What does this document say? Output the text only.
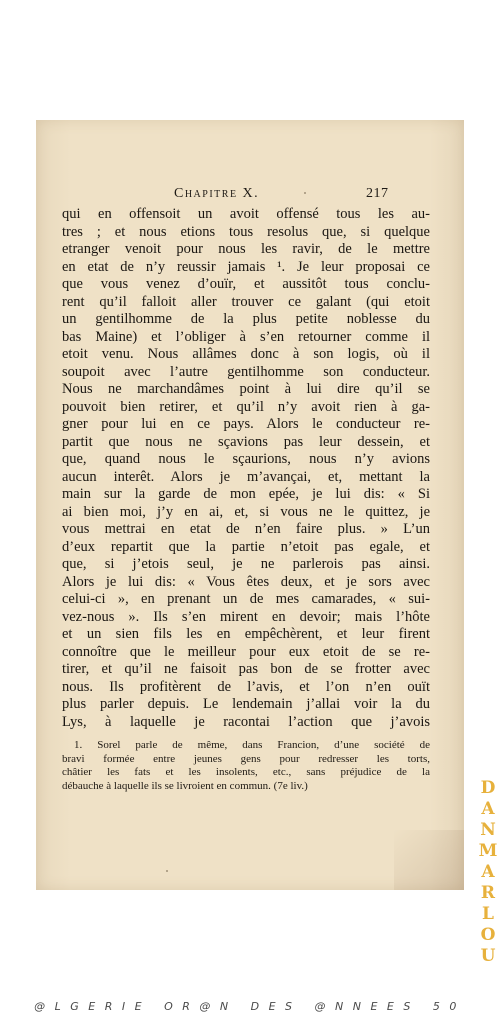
Chapitre X.	217
qui en offensoit un avoit offensé tous les au-
tres ; et nous etions tous resolus que, si quelque
etranger venoit pour nous les ravir, de le mettre
en etat de n’y reussir jamais ¹. Je leur proposai ce
que vous venez d’ouïr, et aussitôt tous conclu-
rent qu’il falloit aller trouver ce galant (qui etoit
un gentilhomme de la plus petite noblesse du
bas Maine) et l’obliger à s’en retourner comme il
etoit venu. Nous allâmes donc à son logis, où il
soupoit avec l’autre gentilhomme son conducteur.
Nous ne marchandâmes point à lui dire qu’il se
pouvoit bien retirer, et qu’il n’y avoit rien à ga-
gner pour lui en ce pays. Alors le conducteur re-
partit que nous ne sçavions pas leur dessein, et
que, quand nous le sçaurions, nous n’y avions
aucun interêt. Alors je m’avançai, et, mettant la
main sur la garde de mon epée, je lui dis: « Si
ai bien moi, j’y en ai, et, si vous ne le quittez, je
vous mettrai en etat de n’en faire plus. » L’un
d’eux repartit que la partie n’etoit pas egale, et
que, si j’etois seul, je ne parlerois pas ainsi.
Alors je lui dis: « Vous êtes deux, et je sors avec
celui-ci », en prenant un de mes camarades, « sui-
vez-nous ». Ils s’en mirent en devoir; mais l’hôte
et un sien fils les en empêchèrent, et leur firent
connoître que le meilleur pour eux etoit de se re-
tirer, et qu’il ne faisoit pas bon de se frotter avec
nous. Ils profitèrent de l’avis, et l’on n’en ouït
plus parler depuis. Le lendemain j’allai voir la du
Lys, à laquelle je racontai l’action que j’avois
1. Sorel parle de même, dans Francion, d’une société de
bravi formée entre jeunes gens pour redresser les torts,
châtier les fats et les insolents, etc., sans préjudice de la
débauche à laquelle ils se livroient en commun. (7e liv.)	D
A
N
M
A
R
L
O
U
@LGERIE OR@N DES @NNEES 50
